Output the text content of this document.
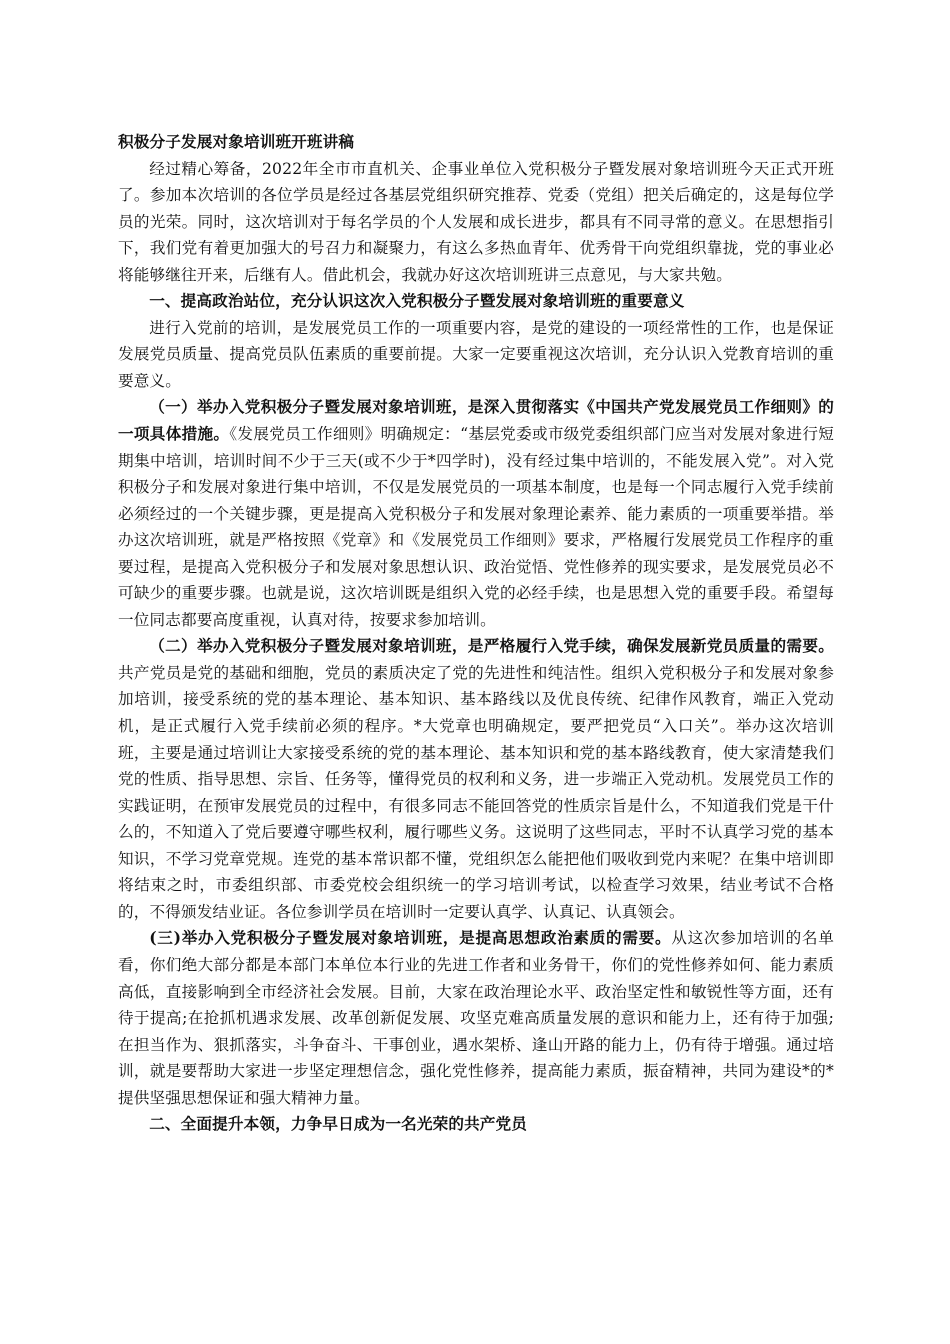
积极分子发展对象培训班开班讲稿

经过精心筹备，2022年全市市直机关、企事业单位入党积极分子暨发展对象培训班今天正式开班了。参加本次培训的各位学员是经过各基层党组织研究推荐、党委（党组）把关后确定的，这是每位学员的光荣。同时，这次培训对于每名学员的个人发展和成长进步，都具有不同寻常的意义。在思想指引下，我们党有着更加强大的号召力和凝聚力，有这么多热血青年、优秀骨干向党组织靠拢，党的事业必将能够继往开来，后继有人。借此机会，我就办好这次培训班讲三点意见，与大家共勉。

一、提高政治站位，充分认识这次入党积极分子暨发展对象培训班的重要意义

进行入党前的培训，是发展党员工作的一项重要内容，是党的建设的一项经常性的工作，也是保证发展党员质量、提高党员队伍素质的重要前提。大家一定要重视这次培训，充分认识入党教育培训的重要意义。

（一）举办入党积极分子暨发展对象培训班，是深入贯彻落实《中国共产党发展党员工作细则》的一项具体措施。《发展党员工作细则》明确规定：“基层党委或市级党委组织部门应当对发展对象进行短期集中培训，培训时间不少于三天(或不少于*四学时)，没有经过集中培训的，不能发展入党”。对入党积极分子和发展对象进行集中培训，不仅是发展党员的一项基本制度，也是每一个同志履行入党手续前必须经过的一个关键步骤，更是提高入党积极分子和发展对象理论素养、能力素质的一项重要举措。举办这次培训班，就是严格按照《党章》和《发展党员工作细则》要求，严格履行发展党员工作程序的重要过程，是提高入党积极分子和发展对象思想认识、政治觉悟、党性修养的现实要求，是发展党员必不可缺少的重要步骤。也就是说，这次培训既是组织入党的必经手续，也是思想入党的重要手段。希望每一位同志都要高度重视，认真对待，按要求参加培训。

（二）举办入党积极分子暨发展对象培训班，是严格履行入党手续，确保发展新党员质量的需要。共产党员是党的基础和细胞，党员的素质决定了党的先进性和纯洁性。组织入党积极分子和发展对象参加培训，接受系统的党的基本理论、基本知识、基本路线以及优良传统、纪律作风教育，端正入党动机，是正式履行入党手续前必须的程序。*大党章也明确规定，要严把党员“入口关”。举办这次培训班，主要是通过培训让大家接受系统的党的基本理论、基本知识和党的基本路线教育，使大家清楚我们党的性质、指导思想、宗旨、任务等，懂得党员的权利和义务，进一步端正入党动机。发展党员工作的实践证明，在预审发展党员的过程中，有很多同志不能回答党的性质宗旨是什么，不知道我们党是干什么的，不知道入了党后要遵守哪些权利，履行哪些义务。这说明了这些同志，平时不认真学习党的基本知识，不学习党章党规。连党的基本常识都不懂，党组织怎么能把他们吸收到党内来呢？在集中培训即将结束之时，市委组织部、市委党校会组织统一的学习培训考试，以检查学习效果，结业考试不合格的，不得颁发结业证。各位参训学员在培训时一定要认真学、认真记、认真领会。

(三)举办入党积极分子暨发展对象培训班，是提高思想政治素质的需要。从这次参加培训的名单看，你们绝大部分都是本部门本单位本行业的先进工作者和业务骨干，你们的党性修养如何、能力素质高低，直接影响到全市经济社会发展。目前，大家在政治理论水平、政治坚定性和敏锐性等方面，还有待于提高;在抢抓机遇求发展、改革创新促发展、攻坚克难高质量发展的意识和能力上，还有待于加强;在担当作为、狠抓落实，斗争奋斗、干事创业，遇水架桥、逢山开路的能力上，仍有待于增强。通过培训，就是要帮助大家进一步坚定理想信念，强化党性修养，提高能力素质，振奋精神，共同为建设*的*提供坚强思想保证和强大精神力量。

二、全面提升本领，力争早日成为一名光荣的共产党员
